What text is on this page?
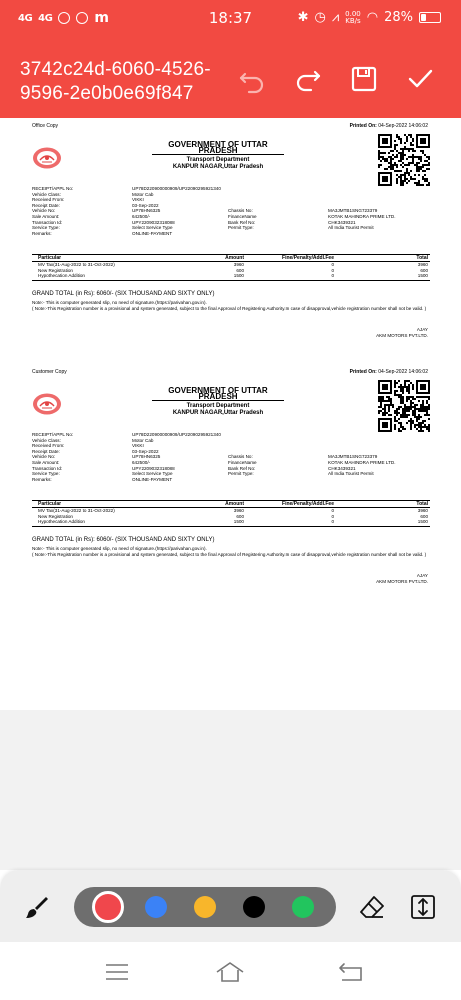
4G 4G	m	18:37	✱ ◷ ⩘ 0.00
KB/s ◠ 28%
3742c24d-6060-4526-9596-2e0b0e69f847
Office Copy	Printed On: 04-Sep-2022 14:06:02
GOVERNMENT OF UTTAR PRADESH
Transport Department
KANPUR NAGAR,Uttar Pradesh
RECEIPT/APPL No:	UP78D220900000909/UP22090295921340
Vehicle Class:	Motor Cab
Received From:	VIKKI
Receipt Date:	03-Sep-2022
Vehicle No:	UP78HN6325	Chassis No:	MA3JMTB1SNG723379
Sale Amount:	642500/-	FinanceName	KOTAK MAHINDRA PRIME LTD.
Transaction Id:	UPY2209032318088	Bank Ref No:	CHK3439321
Service Type:	Select Service Type	Permit Type:	All India Tourist Permit
Remarks:	ONLINE-PAYMENT
Particular	Amount	Fine/Penalty/Addl.Fee	Total
MV Tax(31-Aug-2022 to 31-Oct-2022)	3960	0	3960
New Registration	600	0	600
Hypothecation Addition	1500	0	1500
GRAND TOTAL (in Rs): 6060/- (SIX THOUSAND AND SIXTY ONLY)
Note:- This is computer generated slip, no need of signature.(https://parivahan.gov.in).
( Note:-This Registration number is a provisional and system generated, subject to the final Approval of Registering Authority.In case of disapproval,vehicle registration number shall not be valid. )
AJAY
AKM MOTORS PVT.LTD.
Customer Copy	Printed On: 04-Sep-2022 14:06:02
GOVERNMENT OF UTTAR PRADESH
Transport Department
KANPUR NAGAR,Uttar Pradesh
RECEIPT/APPL No:	UP78D220900000909/UP22090295921340
Vehicle Class:	Motor Cab
Received From:	VIKKI
Receipt Date:	03-Sep-2022
Vehicle No:	UP78HN6325	Chassis No:	MA3JMTB1SNG723379
Sale Amount:	642500/-	FinanceName	KOTAK MAHINDRA PRIME LTD.
Transaction Id:	UPY2209032318088	Bank Ref No:	CHK3439321
Service Type:	Select Service Type	Permit Type:	All India Tourist Permit
Remarks:	ONLINE-PAYMENT
Particular	Amount	Fine/Penalty/Addl.Fee	Total
MV Tax(31-Aug-2022 to 31-Oct-2022)	3960	0	3960
New Registration	600	0	600
Hypothecation Addition	1500	0	1500
GRAND TOTAL (in Rs): 6060/- (SIX THOUSAND AND SIXTY ONLY)
Note:- This is computer generated slip, no need of signature.(https://parivahan.gov.in).
( Note:-This Registration number is a provisional and system generated, subject to the final Approval of Registering Authority.In case of disapproval,vehicle registration number shall not be valid. )
AJAY
AKM MOTORS PVT.LTD.
